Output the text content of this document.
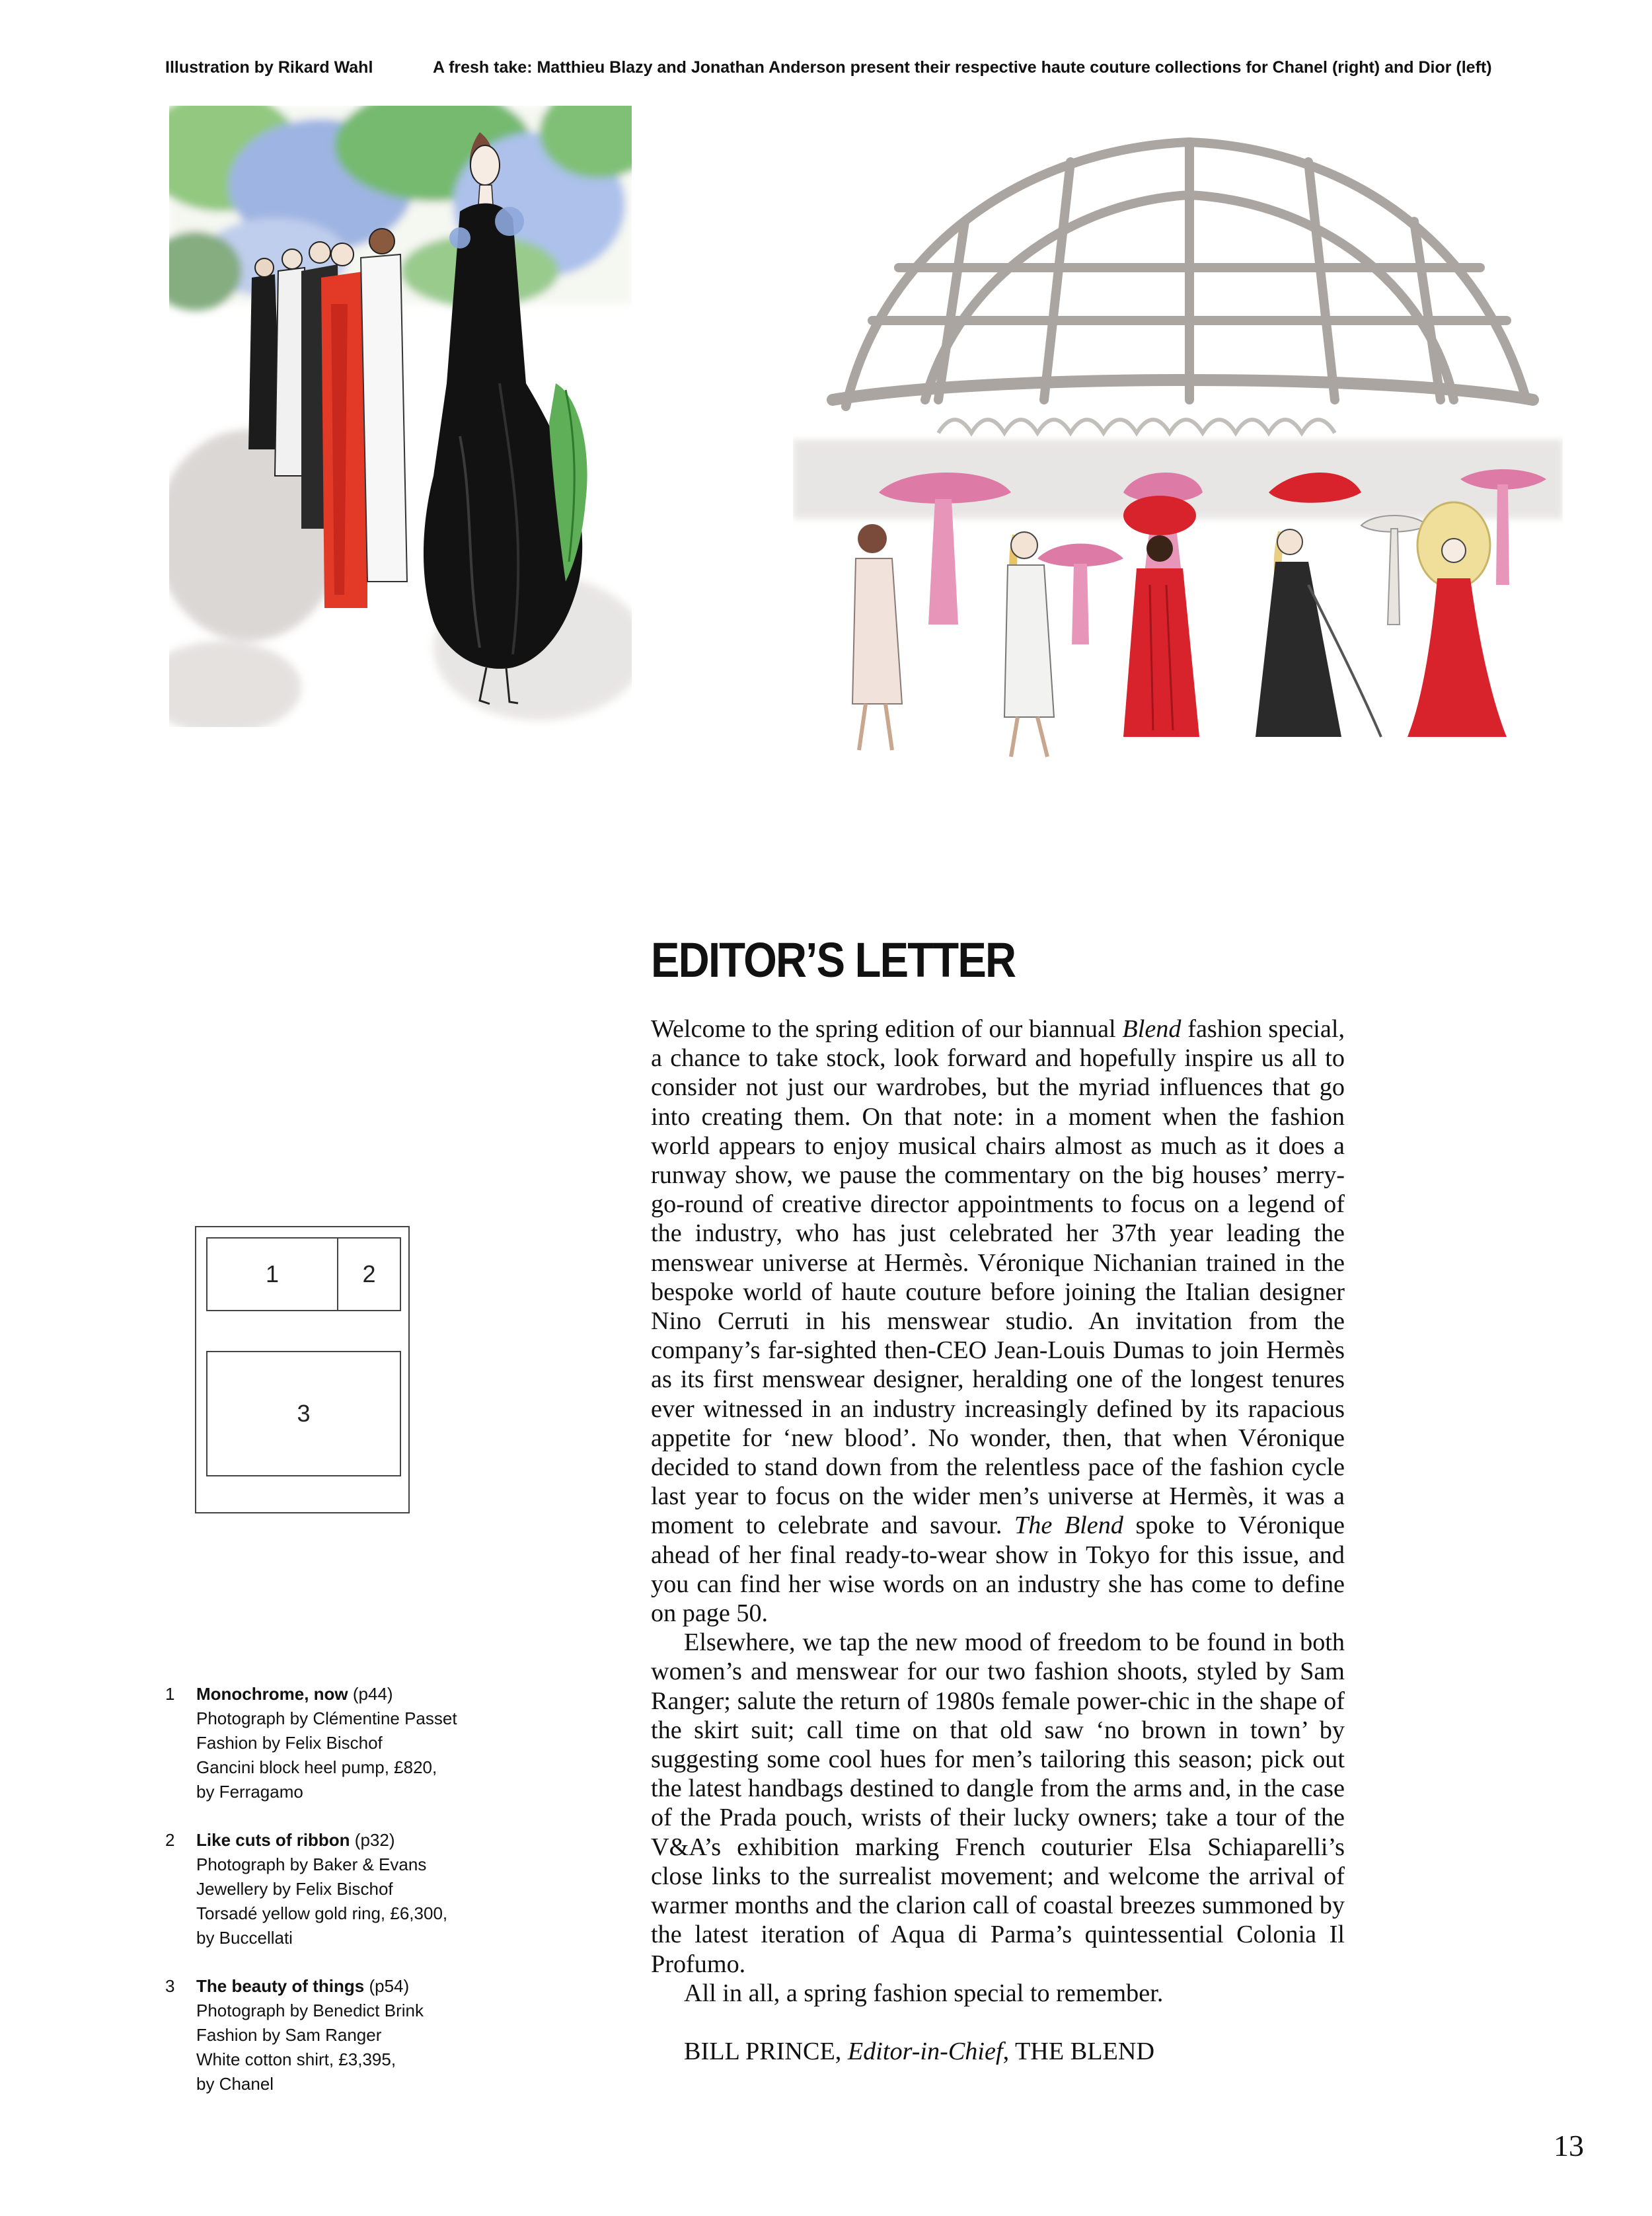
Illustration by Rikard Wahl	A fresh take: Matthieu Blazy and Jonathan Anderson present their respective haute couture collections for Chanel (right) and Dior (left)
EDITOR’S LETTER

Welcome to the spring edition of our biannual Blend fashion special, a chance to take stock, look forward and hopefully inspire us all to consider not just our wardrobes, but the myriad influences that go into creating them. On that note: in a moment when the fashion world appears to enjoy musical chairs almost as much as it does a runway show, we pause the commentary on the big houses’ merry-go-round of creative director appointments to focus on a legend of the industry, who has just celebrated her 37th year leading the menswear universe at Hermès. Véronique Nichanian trained in the bespoke world of haute couture before joining the Italian designer Nino Cerruti in his menswear studio. An invitation from the company’s far-sighted then-CEO Jean-Louis Dumas to join Hermès as its first menswear designer, heralding one of the longest tenures ever witnessed in an industry increasingly defined by its rapacious appetite for ‘new blood’. No wonder, then, that when Véronique decided to stand down from the relentless pace of the fashion cycle last year to focus on the wider men’s universe at Hermès, it was a moment to celebrate and savour. The Blend spoke to Véronique ahead of her final ready-to-wear show in Tokyo for this issue, and you can find her wise words on an industry she has come to define on page 50.

Elsewhere, we tap the new mood of freedom to be found in both women’s and menswear for our two fashion shoots, styled by Sam Ranger; salute the return of 1980s female power-chic in the shape of the skirt suit; call time on that old saw ‘no brown in town’ by suggesting some cool hues for men’s tailoring this season; pick out the latest handbags destined to dangle from the arms and, in the case of the Prada pouch, wrists of their lucky owners; take a tour of the V&A’s exhibition marking French couturier Elsa Schiaparelli’s close links to the surrealist movement; and welcome the arrival of warmer months and the clarion call of coastal breezes summoned by the latest iteration of Aqua di Parma’s quintessential Colonia Il Profumo.

All in all, a spring fashion special to remember.

BILL PRINCE, Editor-in-Chief, THE BLEND

1	2
3
1 Monochrome, now (p44)
Photograph by Clémentine Passet
Fashion by Felix Bischof
Gancini block heel pump, £820,
by Ferragamo
2 Like cuts of ribbon (p32)
Photograph by Baker & Evans
Jewellery by Felix Bischof
Torsadé yellow gold ring, £6,300,
by Buccellati
3 The beauty of things (p54)
Photograph by Benedict Brink
Fashion by Sam Ranger
White cotton shirt, £3,395,
by Chanel
13
